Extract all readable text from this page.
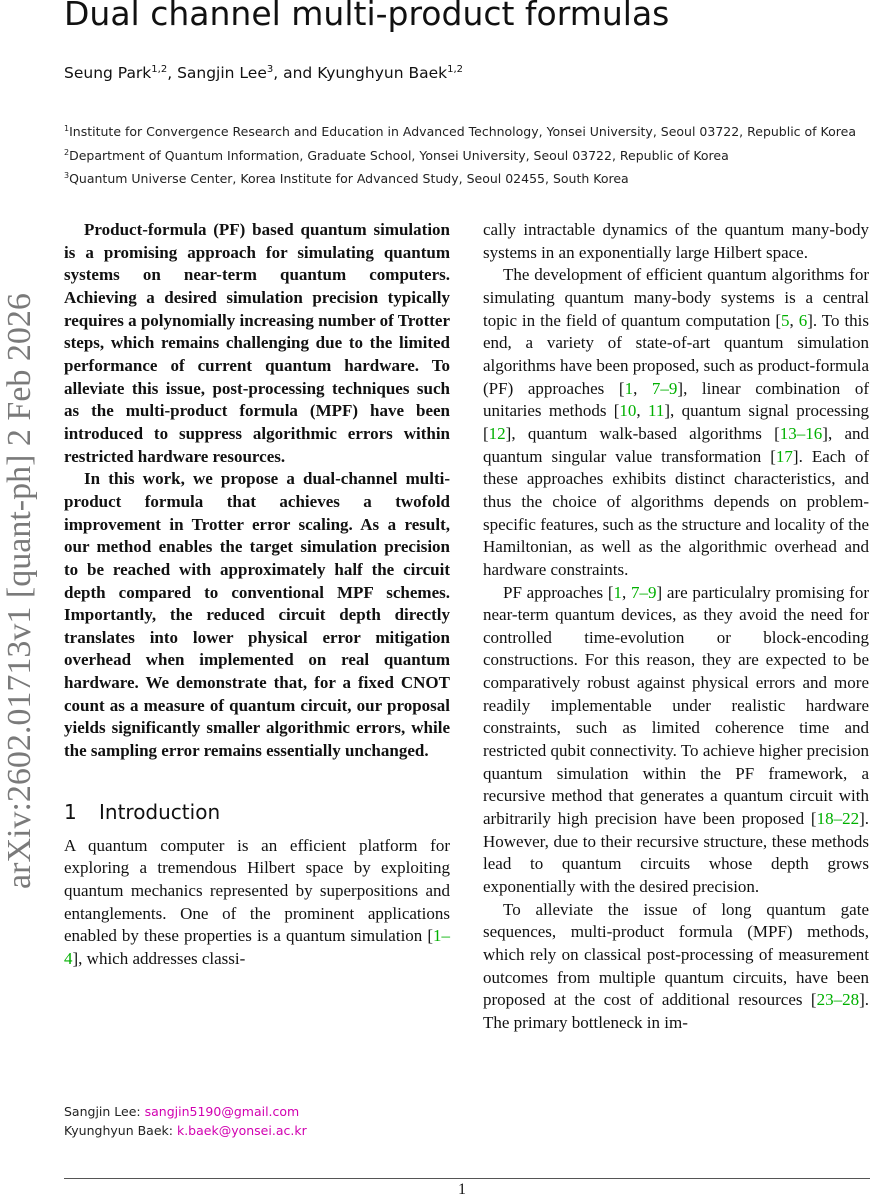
arXiv:2602.01713v1 [quant-ph] 2 Feb 2026
Dual channel multi-product formulas
Seung Park$^{1,2}$, Sangjin Lee$^3$, and Kyunghyun Baek$^{1,2}$
$^1$Institute for Convergence Research and Education in Advanced Technology, Yonsei University, Seoul 03722, Republic of Korea
$^2$Department of Quantum Information, Graduate School, Yonsei University, Seoul 03722, Republic of Korea
$^3$Quantum Universe Center, Korea Institute for Advanced Study, Seoul 02455, South Korea

Product-formula (PF) based quantum simulation is a promising approach for simulating quantum systems on near-term quantum computers. Achieving a desired simulation precision typically requires a polynomially increasing number of Trotter steps, which remains challenging due to the limited performance of current quantum hardware. To alleviate this issue, post-processing techniques such as the multi-product formula (MPF) have been introduced to suppress algorithmic errors within restricted hardware resources.

In this work, we propose a dual-channel multi-product formula that achieves a twofold improvement in Trotter error scaling. As a result, our method enables the target simulation precision to be reached with approximately half the circuit depth compared to conventional MPF schemes. Importantly, the reduced circuit depth directly translates into lower physical error mitigation overhead when implemented on real quantum hardware. We demonstrate that, for a fixed CNOT count as a measure of quantum circuit, our proposal yields significantly smaller algorithmic errors, while the sampling error remains essentially unchanged.

1 Introduction

A quantum computer is an efficient platform for exploring a tremendous Hilbert space by exploiting quantum mechanics represented by superpositions and entanglements. One of the prominent applications enabled by these properties is a quantum simulation [1–4], which addresses classi-

cally intractable dynamics of the quantum many-body systems in an exponentially large Hilbert space.

The development of efficient quantum algorithms for simulating quantum many-body systems is a central topic in the field of quantum computation [5, 6]. To this end, a variety of state-of-art quantum simulation algorithms have been proposed, such as product-formula (PF) approaches [1, 7–9], linear combination of unitaries methods [10, 11], quantum signal processing [12], quantum walk-based algorithms [13–16], and quantum singular value transformation [17]. Each of these approaches exhibits distinct characteristics, and thus the choice of algorithms depends on problem-specific features, such as the structure and locality of the Hamiltonian, as well as the algorithmic overhead and hardware constraints.

PF approaches [1, 7–9] are particulalry promising for near-term quantum devices, as they avoid the need for controlled time-evolution or block-encoding constructions. For this reason, they are expected to be comparatively robust against physical errors and more readily implementable under realistic hardware constraints, such as limited coherence time and restricted qubit connectivity. To achieve higher precision quantum simulation within the PF framework, a recursive method that generates a quantum circuit with arbitrarily high precision have been proposed [18–22]. However, due to their recursive structure, these methods lead to quantum circuits whose depth grows exponentially with the desired precision.

To alleviate the issue of long quantum gate sequences, multi-product formula (MPF) methods, which rely on classical post-processing of measurement outcomes from multiple quantum circuits, have been proposed at the cost of additional resources [23–28]. The primary bottleneck in im-

Sangjin Lee: sangjin5190@gmail.com
Kyunghyun Baek: k.baek@yonsei.ac.kr
1
